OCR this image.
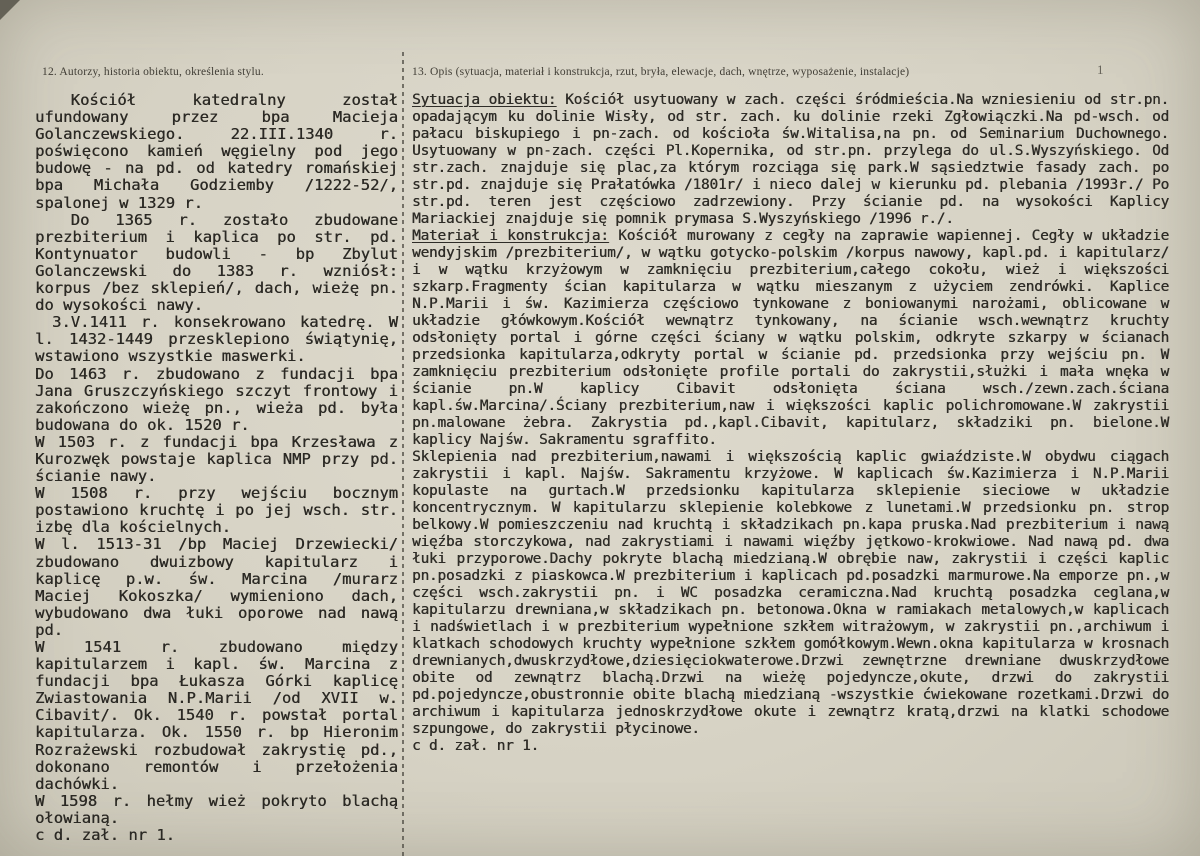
12. Autorzy, historia obiektu, określenia stylu.	13. Opis (sytuacja, materiał i konstrukcja, rzut, bryła, elewacje, dach, wnętrze, wyposażenie, instalacje)	1

Kościół katedralny został ufundowany przez bpa Macieja Golanczewskiego. 22.III.1340 r. poświęcono kamień węgielny pod jego budowę - na pd. od katedry romańskiej bpa Michała Godziemby /1222-52/, spalonej w 1329 r.

Do 1365 r. zostało zbudowane prezbiterium i kaplica po str. pd. Kontynuator budowli - bp Zbylut Golanczewski do 1383 r. wzniósł: korpus /bez sklepień/, dach, wieżę pn. do wysokości nawy.

3.V.1411 r. konsekrowano katedrę. W l. 1432-1449 przesklepiono świątynię, wstawiono wszystkie maswerki.

Do 1463 r. zbudowano z fundacji bpa Jana Gruszczyńskiego szczyt frontowy i zakończono wieżę pn., wieża pd. była budowana do ok. 1520 r.

W 1503 r. z fundacji bpa Krzesława z Kurozwęk powstaje kaplica NMP przy pd. ścianie nawy.

W 1508 r. przy wejściu bocznym postawiono kruchtę i po jej wsch. str. izbę dla kościelnych.

W l. 1513-31 /bp Maciej Drzewiecki/ zbudowano dwuizbowy kapitularz i kaplicę p.w. św. Marcina /murarz Maciej Kokoszka/ wymieniono dach, wybudowano dwa łuki oporowe nad nawą pd.

W 1541 r. zbudowano między kapitularzem i kapl. św. Marcina z fundacji bpa Łukasza Górki kaplicę Zwiastowania N.P.Marii /od XVII w. Cibavit/. Ok. 1540 r. powstał portal kapitularza. Ok. 1550 r. bp Hieronim Rozrażewski rozbudował zakrystię pd., dokonano remontów i przełożenia dachówki.

W 1598 r. hełmy wież pokryto blachą ołowianą.

c d. zał. nr 1.

Sytuacja obiektu: Kościół usytuowany w zach. części śródmieścia.Na wzniesieniu od str.pn. opadającym ku dolinie Wisły, od str. zach. ku dolinie rzeki Zgłowiączki.Na pd-wsch. od pałacu biskupiego i pn-zach. od kościoła św.Witalisa,na pn. od Seminarium Duchownego. Usytuowany w pn-zach. części Pl.Kopernika, od str.pn. przylega do ul.S.Wyszyńskiego. Od str.zach. znajduje się plac,za którym rozciąga się park.W sąsiedztwie fasady zach. po str.pd. znajduje się Prałatówka /1801r/ i nieco dalej w kierunku pd. plebania /1993r./ Po str.pd. teren jest częściowo zadrzewiony. Przy ścianie pd. na wysokości Kaplicy Mariackiej znajduje się pomnik prymasa S.Wyszyńskiego /1996 r./.

Materiał i konstrukcja: Kościół murowany z cegły na zaprawie wapiennej. Cegły w układzie wendyjskim /prezbiterium/, w wątku gotycko-polskim /korpus nawowy, kapl.pd. i kapitularz/ i w wątku krzyżowym w zamknięciu prezbiterium,całego cokołu, wież i większości szkarp.Fragmenty ścian kapitularza w wątku mieszanym z użyciem zendrówki. Kaplice N.P.Marii i św. Kazimierza częściowo tynkowane z boniowanymi narożami, oblicowane w układzie główkowym.Kościół wewnątrz tynkowany, na ścianie wsch.wewnątrz kruchty odsłonięty portal i górne części ściany w wątku polskim, odkryte szkarpy w ścianach przedsionka kapitularza,odkryty portal w ścianie pd. przedsionka przy wejściu pn. W zamknięciu prezbiterium odsłonięte profile portali do zakrystii,służki i mała wnęka w ścianie pn.W kaplicy Cibavit odsłonięta ściana wsch./zewn.zach.ściana kapl.św.Marcina/.Ściany prezbiterium,naw i większości kaplic polichromowane.W zakrystii pn.malowane żebra. Zakrystia pd.,kapl.Cibavit, kapitularz, składziki pn. bielone.W kaplicy Najśw. Sakramentu sgraffito.

Sklepienia nad prezbiterium,nawami i większością kaplic gwiaździste.W obydwu ciągach zakrystii i kapl. Najśw. Sakramentu krzyżowe. W kaplicach św.Kazimierza i N.P.Marii kopulaste na gurtach.W przedsionku kapitularza sklepienie sieciowe w układzie koncentrycznym. W kapitularzu sklepienie kolebkowe z lunetami.W przedsionku pn. strop belkowy.W pomieszczeniu nad kruchtą i składzikach pn.kapa pruska.Nad prezbiterium i nawą więźba storczykowa, nad zakrystiami i nawami więźby jętkowo-krokwiowe. Nad nawą pd. dwa łuki przyporowe.Dachy pokryte blachą miedzianą.W obrębie naw, zakrystii i części kaplic pn.posadzki z piaskowca.W prezbiterium i kaplicach pd.posadzki marmurowe.Na emporze pn.,w części wsch.zakrystii pn. i WC posadzka ceramiczna.Nad kruchtą posadzka ceglana,w kapitularzu drewniana,w składzikach pn. betonowa.Okna w ramiakach metalowych,w kaplicach i nadświetlach i w prezbiterium wypełnione szkłem witrażowym, w zakrystii pn.,archiwum i klatkach schodowych kruchty wypełnione szkłem gomółkowym.Wewn.okna kapitularza w krosnach drewnianych,dwuskrzydłowe,dziesięciokwaterowe.Drzwi zewnętrzne drewniane dwuskrzydłowe obite od zewnątrz blachą.Drzwi na wieżę pojedyncze,okute, drzwi do zakrystii pd.pojedyncze,obustronnie obite blachą miedzianą -wszystkie ćwiekowane rozetkami.Drzwi do archiwum i kapitularza jednoskrzydłowe okute i zewnątrz kratą,drzwi na klatki schodowe szpungowe, do zakrystii płycinowe.

c d. zał. nr 1.
